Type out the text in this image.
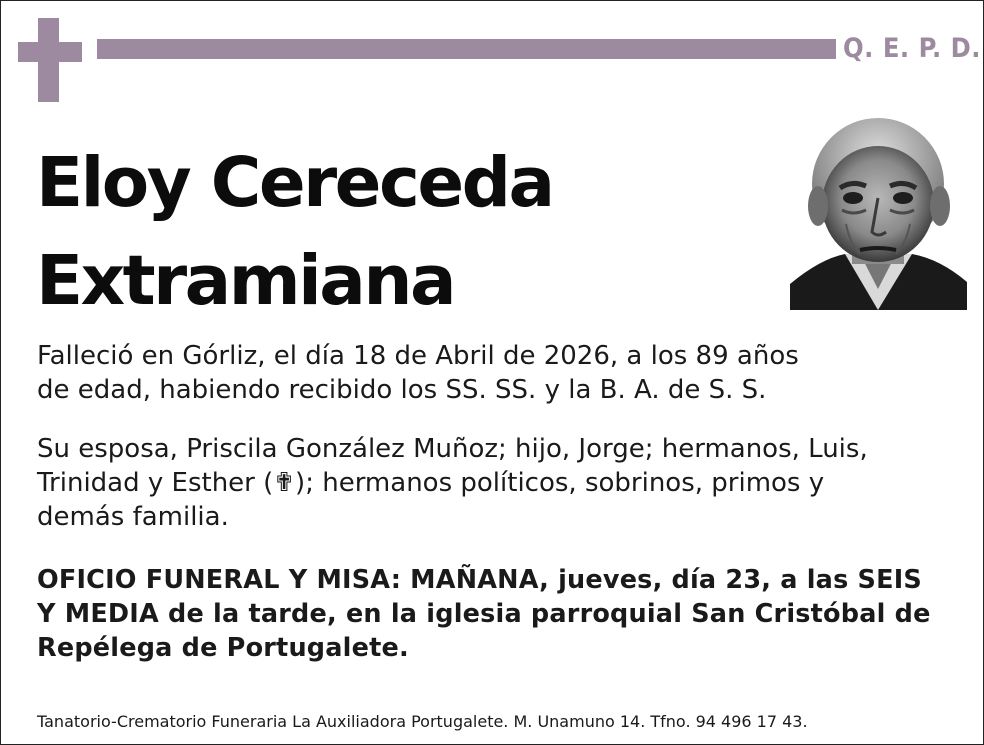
Q. E. P. D.
Eloy Cereceda
Extramiana

Falleció en Górliz, el día 18 de Abril de 2026, a los 89 años
de edad, habiendo recibido los SS. SS. y la B. A. de S. S.

Su esposa, Priscila González Muñoz; hijo, Jorge; hermanos, Luis,
Trinidad y Esther (✟); hermanos políticos, sobrinos, primos y
demás familia.

OFICIO FUNERAL Y MISA: MAÑANA, jueves, día 23, a las SEIS
Y MEDIA de la tarde, en la iglesia parroquial San Cristóbal de
Repélega de Portugalete.

Tanatorio-Crematorio Funeraria La Auxiliadora Portugalete. M. Unamuno 14. Tfno. 94 496 17 43.
